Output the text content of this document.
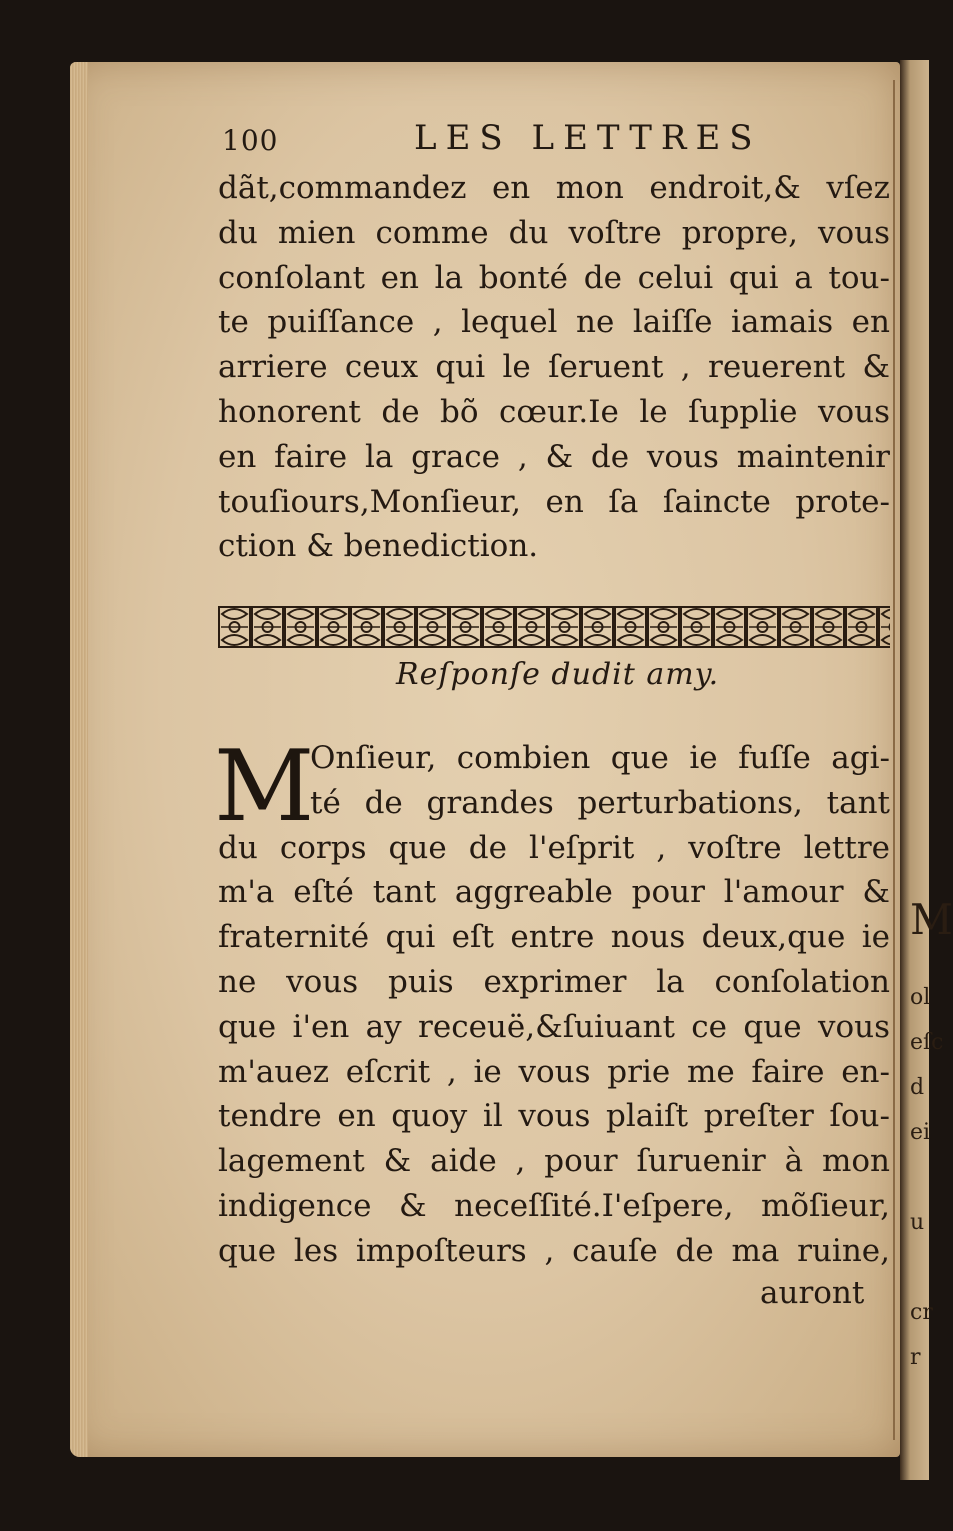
M
ol
eſc
d
ei
u
cr
r
100	LES LETTRES
dãt,commandez en mon endroit,& vſez
du mien comme du voſtre propre, vous
conſolant en la bonté de celui qui a tou-
te puiſſance , lequel ne laiſſe iamais en
arriere ceux qui le ſeruent , reuerent &
honorent de bõ cœur.Ie le ſupplie vous
en faire la grace , & de vous maintenir
touſiours,Monſieur, en ſa ſaincte prote-
ction & benediction.
Reſponſe dudit amy.
M
Onſieur, combien que ie fuſſe agi-
té de grandes perturbations, tant
du corps que de l'eſprit , voſtre lettre
m'a eſté tant aggreable pour l'amour &
fraternité qui eſt entre nous deux,que ie
ne vous puis exprimer la conſolation
que i'en ay receuë,&ſuiuant ce que vous
m'auez eſcrit , ie vous prie me faire en-
tendre en quoy il vous plaiſt preſter ſou-
lagement & aide , pour ſuruenir à mon
indigence & neceſſité.I'eſpere, mõſieur,
que les impoſteurs , cauſe de ma ruine,
auront
